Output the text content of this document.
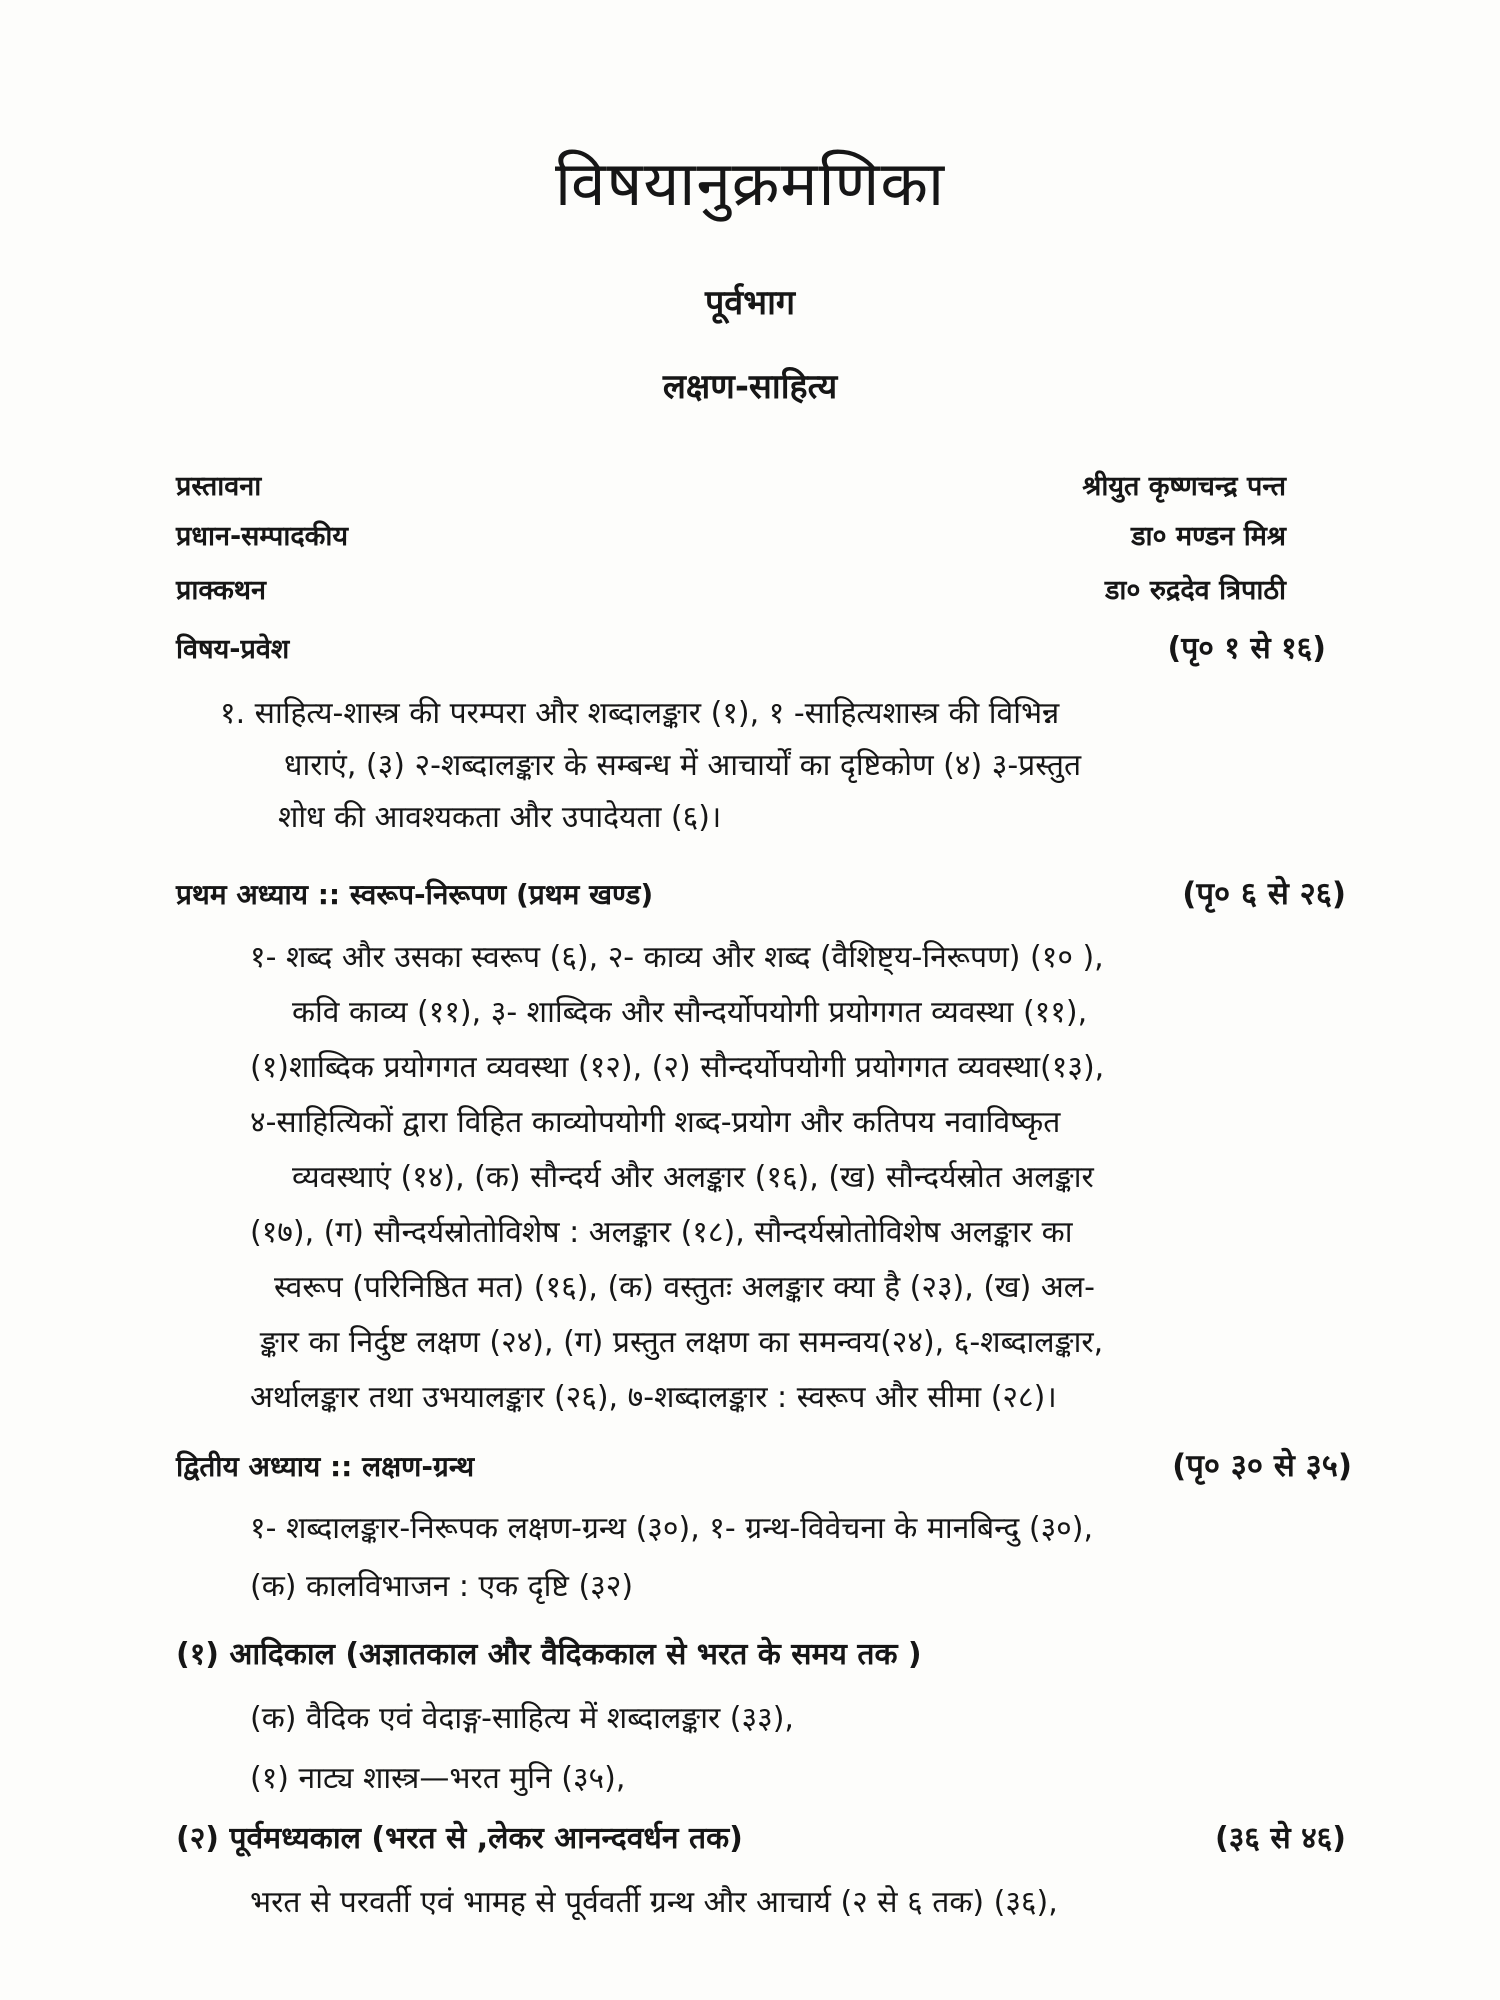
विषयानुक्रमणिका
पूर्वभाग
लक्षण-साहित्य
प्रस्तावना	श्रीयुत कृष्णचन्द्र पन्त
प्रधान-सम्पादकीय	डा० मण्डन मिश्र
प्राक्कथन	डा० रुद्रदेव त्रिपाठी
विषय-प्रवेश	(पृ० १ से १६)
१. साहित्य-शास्त्र की परम्परा और शब्दालङ्कार (१), १ -साहित्यशास्त्र की विभिन्न
धाराएं, (३) २-शब्दालङ्कार के सम्बन्ध में आचार्यों का दृष्टिकोण (४) ३-प्रस्तुत
शोध की आवश्यकता और उपादेयता (६)।
प्रथम अध्याय :: स्वरूप-निरूपण (प्रथम खण्ड)	(पृ० ६ से २६)
१- शब्द और उसका स्वरूप (६), २- काव्य और शब्द (वैशिष्ट्य-निरूपण) (१० ),
कवि काव्य (११), ३- शाब्दिक और सौन्दर्योपयोगी प्रयोगगत व्यवस्था (११),
(१)शाब्दिक प्रयोगगत व्यवस्था (१२), (२) सौन्दर्योपयोगी प्रयोगगत व्यवस्था(१३),
४-साहित्यिकों द्वारा विहित काव्योपयोगी शब्द-प्रयोग और कतिपय नवाविष्कृत
व्यवस्थाएं (१४), (क) सौन्दर्य और अलङ्कार (१६), (ख) सौन्दर्यस्रोत अलङ्कार
(१७), (ग) सौन्दर्यस्रोतोविशेष : अलङ्कार (१८), सौन्दर्यस्रोतोविशेष अलङ्कार का
स्वरूप (परिनिष्ठित मत) (१६), (क) वस्तुतः अलङ्कार क्या है (२३), (ख) अल-
ङ्कार का निर्दुष्ट लक्षण (२४), (ग) प्रस्तुत लक्षण का समन्वय(२४), ६-शब्दालङ्कार,
अर्थालङ्कार तथा उभयालङ्कार (२६), ७-शब्दालङ्कार : स्वरूप और सीमा (२८)।
द्वितीय अध्याय :: लक्षण-ग्रन्थ	(पृ० ३० से ३५)
१- शब्दालङ्कार-निरूपक लक्षण-ग्रन्थ (३०), १- ग्रन्थ-विवेचना के मानबिन्दु (३०),
(क) कालविभाजन : एक दृष्टि (३२)
(१) आदिकाल (अज्ञातकाल और वैदिककाल से भरत के समय तक )
(क) वैदिक एवं वेदाङ्ग-साहित्य में शब्दालङ्कार (३३),
(१) नाट्य शास्त्र—भरत मुनि (३५),
(२) पूर्वमध्यकाल (भरत से ,लेकर आनन्दवर्धन तक)	(३६ से ४६)
भरत से परवर्ती एवं भामह से पूर्ववर्ती ग्रन्थ और आचार्य (२ से ६ तक) (३६),
